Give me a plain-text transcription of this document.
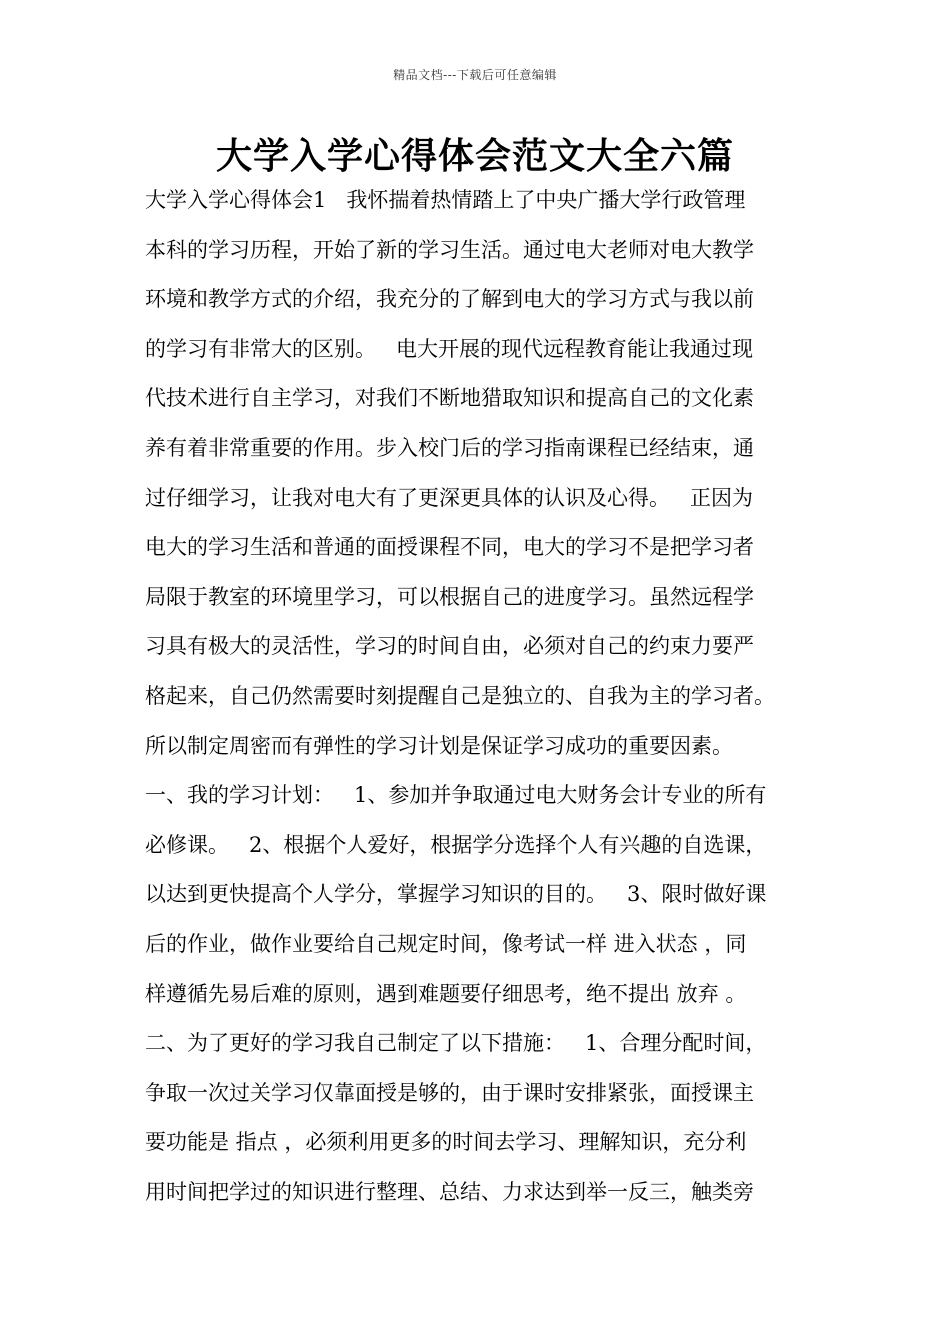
精品文档---下载后可任意编辑
大学入学心得体会范文大全六篇
大学入学心得体会1   我怀揣着热情踏上了中央广播大学行政管理
本科的学习历程，开始了新的学习生活。通过电大老师对电大教学
环境和教学方式的介绍，我充分的了解到电大的学习方式与我以前
的学习有非常大的区别。   电大开展的现代远程教育能让我通过现
代技术进行自主学习，对我们不断地猎取知识和提高自己的文化素
养有着非常重要的作用。步入校门后的学习指南课程已经结束，通
过仔细学习，让我对电大有了更深更具体的认识及心得。   正因为
电大的学习生活和普通的面授课程不同，电大的学习不是把学习者
局限于教室的环境里学习，可以根据自己的进度学习。虽然远程学
习具有极大的灵活性，学习的时间自由，必须对自己的约束力要严
格起来，自己仍然需要时刻提醒自己是独立的、自我为主的学习者。
所以制定周密而有弹性的学习计划是保证学习成功的重要因素。
一、我的学习计划：   1、参加并争取通过电大财务会计专业的所有
必修课。   2、根据个人爱好，根据学分选择个人有兴趣的自选课，
以达到更快提高个人学分，掌握学习知识的目的。   3、限时做好课
后的作业，做作业要给自己规定时间，像考试一样 进入状态 ，同
样遵循先易后难的原则，遇到难题要仔细思考，绝不提出 放弃 。
二、为了更好的学习我自己制定了以下措施：   1、合理分配时间，
争取一次过关学习仅靠面授是够的，由于课时安排紧张，面授课主
要功能是 指点 ，必须利用更多的时间去学习、理解知识，充分利
用时间把学过的知识进行整理、总结、力求达到举一反三，触类旁
